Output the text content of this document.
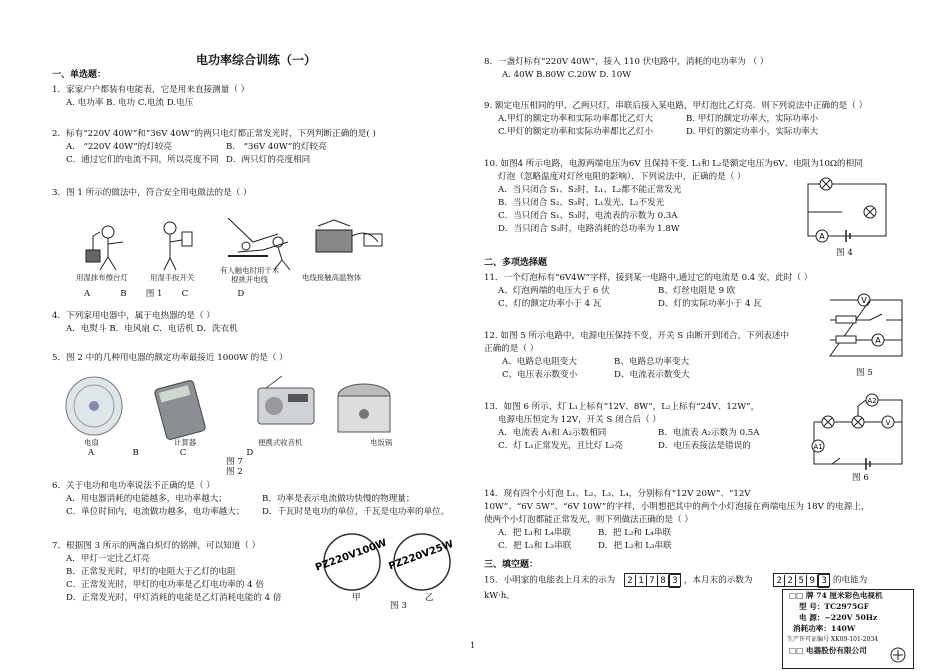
电功率综合训练（一）
一、单选题：
1．家家户户都装有电能表，它是用来直接测量（ ）
A. 电功率 B. 电功 C.电流 D.电压
2．标有“220V 40W”和“36V 40W”的两只电灯都正常发光时，下列判断正确的是( )
A． “220V 40W”的灯较亮	B． “36V 40W”的灯较亮
C．通过它们的电流不同，所以亮度不同 D．两只灯的亮度相同
3．图 1 所示的做法中，符合安全用电做法的是（ ）
用湿抹布擦台灯	用湿手扳开关
有人触电时用干木
棍挑开电线	电线接触高温物体
A           B       图 1       C                  D
4．下列家用电器中，属于电热器的是（ ）
A．电熨斗 B．电风扇 C．电话机 D．洗衣机
5．图 2 中的几种用电器的额定功率最接近 1000W 的是（ ）
电扇	计算器	便携式收音机	电饭锅
A              B               C                      D
图 7
图 2
6．关于电功和电功率说法不正确的是（ ）
A．用电器消耗的电能越多，电功率越大；	B．功率是表示电流做功快慢的物理量；
C．单位时间内，电流做功越多，电功率越大； D．千瓦时是电功的单位，千瓦是电功率的单位。
7．根据图 3 所示的两盏白炽灯的铭牌，可以知道（ ）
A．甲灯一定比乙灯亮
B．正常发光时，甲灯的电阻大于乙灯的电阻
C．正常发光时，甲灯的电功率是乙灯电功率的 4 倍
D．正常发光时，甲灯消耗的电能是乙灯消耗电能的 4 倍
PZ220V100W
PZ220V25W
甲	乙
图 3
8．一盏灯标有“220V 40W”，接入 110 伏电路中，消耗的电功率为 （ ）
A. 40W B.80W C.20W D. 10W
9. 额定电压相同的甲、乙两只灯，串联后接入某电路，甲灯泡比乙灯亮．则下列说法中正确的是（ ）
A.甲灯的额定功率和实际功率都比乙灯大	B. 甲灯的额定功率大，实际功率小
C.甲灯的额定功率和实际功率都比乙灯小	D. 甲灯的额定功率小，实际功率大
10. 如图4 所示电路，电源两端电压为6V 且保持不变. L₁和 L₂是额定电压为6V、电阻为10Ω的相同
灯泡（忽略温度对灯丝电阻的影响）．下列说法中，正确的是（ ）
A．当只闭合 S₁、S₂时，L₁、L₂都不能正常发光
B．当只闭合 S₂、S₃时，L₁发光、L₂不发光
C．当只闭合 S₁、S₃时，电流表的示数为 0.3A
D．当只闭合 S₃时，电路消耗的总功率为 1.8W
A
图 4
二、多项选择题
11．一个灯泡标有“6V4W”字样，接到某一电路中,通过它的电流是 0.4 安，此时（ ）
A、灯泡两端的电压大于 6 伏	B、灯丝电阻是 9 欧
C、灯的额定功率小于 4 瓦	D、灯的实际功率小于 4 瓦
12. 如图 5 所示电路中，电源电压保持不变，开关 S 由断开到闭合，下列表述中
正确的是（ ）
A、电路总电阻变大	B、电路总功率变大
C、电压表示数变小	D、电流表示数变大
V
A
图 5
13．如图 6 所示，灯 L₁上标有“12V、8W”，L₂上标有“24V、12W”，
电源电压恒定为 12V，开关 S 闭合后（ ）
A．电流表 A₁和 A₂示数相同	B．电流表 A₂示数为 0.5A
C．灯 L₁正常发光，且比灯 L₂亮	D．电压表接法是错误的
A2
V
A1
图 6
14．现有四个小灯泡 L₁、L₂、L₃、L₄，分别标有“12V 20W”、“12V
10W”、“6V 5W”、“6V 10W”的字样，小明想把其中的两个小灯泡接在两端电压为 18V 的电源上，
使两个小灯泡都能正常发光，则下列做法正确的是（ ）
A．把 L₁和 L₄串联	B．把 L₂和 L₄串联
C．把 L₁和 L₃串联	D．把 L₂和 L₃串联
三、填空题：
15．小明家的电能表上月末的示为 2 1 7 8 3 ，本月末的示数为	2 2 5 9 3 的电能为
kW·h。	□□ 牌 74 厘米彩色电视机
型 号：TC2975GF
电 源：~220V 50Hz
消耗功率：140W
生产许可证编号 XK09-101-2034
□□ 电器股份有限公司
1
